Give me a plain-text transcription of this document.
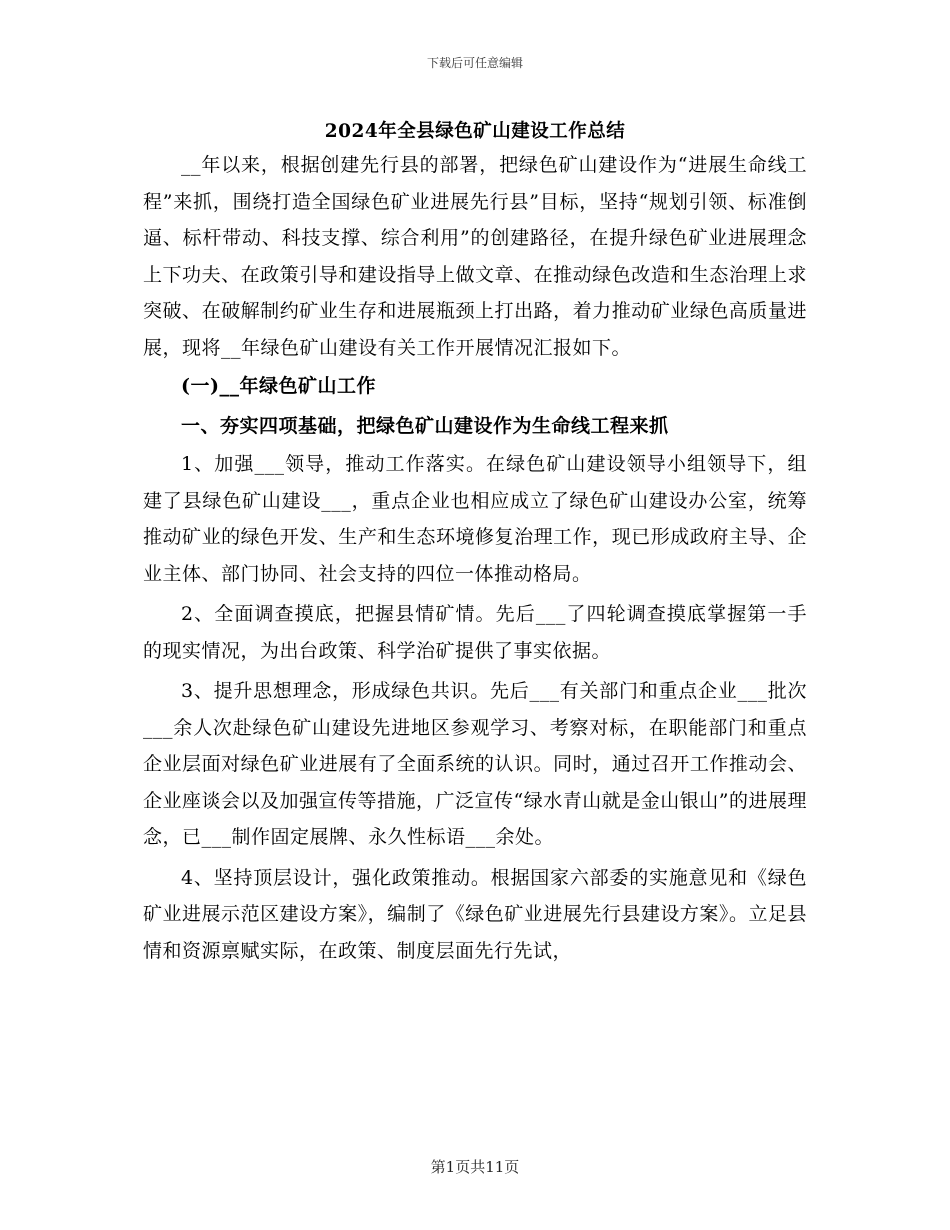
下载后可任意编辑
2024年全县绿色矿山建设工作总结

__年以来，根据创建先行县的部署，把绿色矿山建设作为“进展生命线工程”来抓，围绕打造全国绿色矿业进展先行县”目标，坚持“规划引领、标准倒逼、标杆带动、科技支撑、综合利用”的创建路径，在提升绿色矿业进展理念上下功夫、在政策引导和建设指导上做文章、在推动绿色改造和生态治理上求突破、在破解制约矿业生存和进展瓶颈上打出路，着力推动矿业绿色高质量进展，现将__年绿色矿山建设有关工作开展情况汇报如下。

(一)__年绿色矿山工作

一、夯实四项基础，把绿色矿山建设作为生命线工程来抓

1、加强___领导，推动工作落实。在绿色矿山建设领导小组领导下，组建了县绿色矿山建设___，重点企业也相应成立了绿色矿山建设办公室，统筹推动矿业的绿色开发、生产和生态环境修复治理工作，现已形成政府主导、企业主体、部门协同、社会支持的四位一体推动格局。

2、全面调查摸底，把握县情矿情。先后___了四轮调查摸底掌握第一手的现实情况，为出台政策、科学治矿提供了事实依据。

3、提升思想理念，形成绿色共识。先后___有关部门和重点企业___批次___余人次赴绿色矿山建设先进地区参观学习、考察对标，在职能部门和重点企业层面对绿色矿业进展有了全面系统的认识。同时，通过召开工作推动会、企业座谈会以及加强宣传等措施，广泛宣传“绿水青山就是金山银山”的进展理念，已___制作固定展牌、永久性标语___余处。

4、坚持顶层设计，强化政策推动。根据国家六部委的实施意见和《绿色矿业进展示范区建设方案》，编制了《绿色矿业进展先行县建设方案》。立足县情和资源禀赋实际，在政策、制度层面先行先试，

第1页共11页
